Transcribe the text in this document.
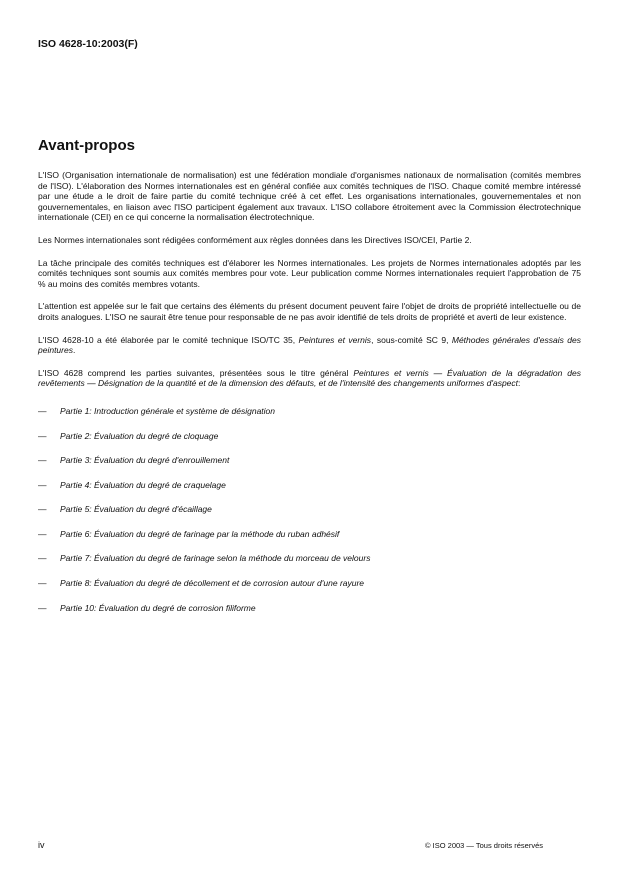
ISO 4628-10:2003(F)
Avant-propos

L'ISO (Organisation internationale de normalisation) est une fédération mondiale d'organismes nationaux de normalisation (comités membres de l'ISO). L'élaboration des Normes internationales est en général confiée aux comités techniques de l'ISO. Chaque comité membre intéressé par une étude a le droit de faire partie du comité technique créé à cet effet. Les organisations internationales, gouvernementales et non gouvernementales, en liaison avec l'ISO participent également aux travaux. L'ISO collabore étroitement avec la Commission électrotechnique internationale (CEI) en ce qui concerne la normalisation électrotechnique.

Les Normes internationales sont rédigées conformément aux règles données dans les Directives ISO/CEI, Partie 2.

La tâche principale des comités techniques est d'élaborer les Normes internationales. Les projets de Normes internationales adoptés par les comités techniques sont soumis aux comités membres pour vote. Leur publication comme Normes internationales requiert l'approbation de 75 % au moins des comités membres votants.

L'attention est appelée sur le fait que certains des éléments du présent document peuvent faire l'objet de droits de propriété intellectuelle ou de droits analogues. L'ISO ne saurait être tenue pour responsable de ne pas avoir identifié de tels droits de propriété et averti de leur existence.

L'ISO 4628-10 a été élaborée par le comité technique ISO/TC 35, Peintures et vernis, sous-comité SC 9, Méthodes générales d'essais des peintures.

L'ISO 4628 comprend les parties suivantes, présentées sous le titre général Peintures et vernis — Évaluation de la dégradation des revêtements — Désignation de la quantité et de la dimension des défauts, et de l'intensité des changements uniformes d'aspect:

—	Partie 1: Introduction générale et système de désignation
—	Partie 2: Évaluation du degré de cloquage
—	Partie 3: Évaluation du degré d'enrouillement
—	Partie 4: Évaluation du degré de craquelage
—	Partie 5: Évaluation du degré d'écaillage
—	Partie 6: Évaluation du degré de farinage par la méthode du ruban adhésif
—	Partie 7: Évaluation du degré de farinage selon la méthode du morceau de velours
—	Partie 8: Évaluation du degré de décollement et de corrosion autour d'une rayure
—	Partie 10: Évaluation du degré de corrosion filiforme
iv	© ISO 2003 — Tous droits réservés
